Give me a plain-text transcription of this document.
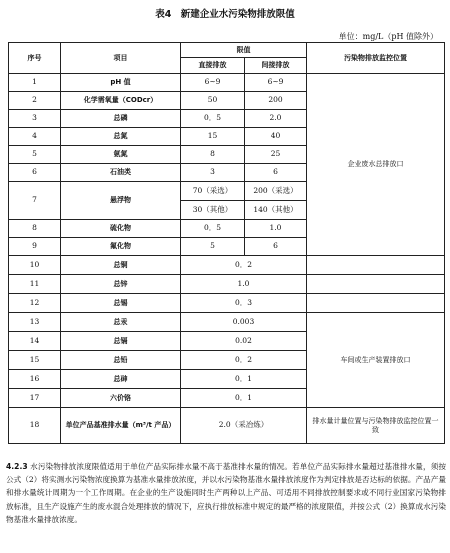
表4　新建企业水污染物排放限值
单位：mg/L（pH 值除外）
序号	项目	限值		污染物排放监控位置
		直接排放	间接排放	
1	pH 值	6~9	6~9	企业废水总排放口
2	化学需氧量（CODcr）	50	200	
3	总磷	0．5	2.0	
4	总氮	15	40	
5	氨氮	8	25	
6	石油类	3	6	
7	悬浮物	70（采选）	200（采选）	
		30（其他）	140（其他）	
8	硫化物	0．5	1.0	
9	氟化物	5	6	
10	总铜	0．2		
11	总锌	1.0		
12	总锡	0．3		
13	总汞	0.003		车间或生产装置排放口
14	总镉	0.02		
15	总铅	0．2		
16	总砷	0．1		
17	六价铬	0．1		
18	单位产品基准排水量（m³/t 产品）	2.0（采冶炼）		排水量计量位置与污染物排放监控位置一致
4.2.3 水污染物排放浓度限值适用于单位产品实际排水量不高于基准排水量的情况。若单位产品实际排水量超过基准排水量，须按公式（2）将实测水污染物浓度换算为基准水量排放浓度，并以水污染物基准水量排放浓度作为判定排放是否达标的依据。产品产量和排水量统计周期为一个工作周期。在企业的生产设施同时生产两种以上产品、可适用不同排放控制要求或不同行业国家污染物排放标准，且生产设施产生的废水混合处理排放的情况下，应执行排放标准中规定的最严格的浓度限值，并按公式（2）换算成水污染物基准水量排放浓度。
